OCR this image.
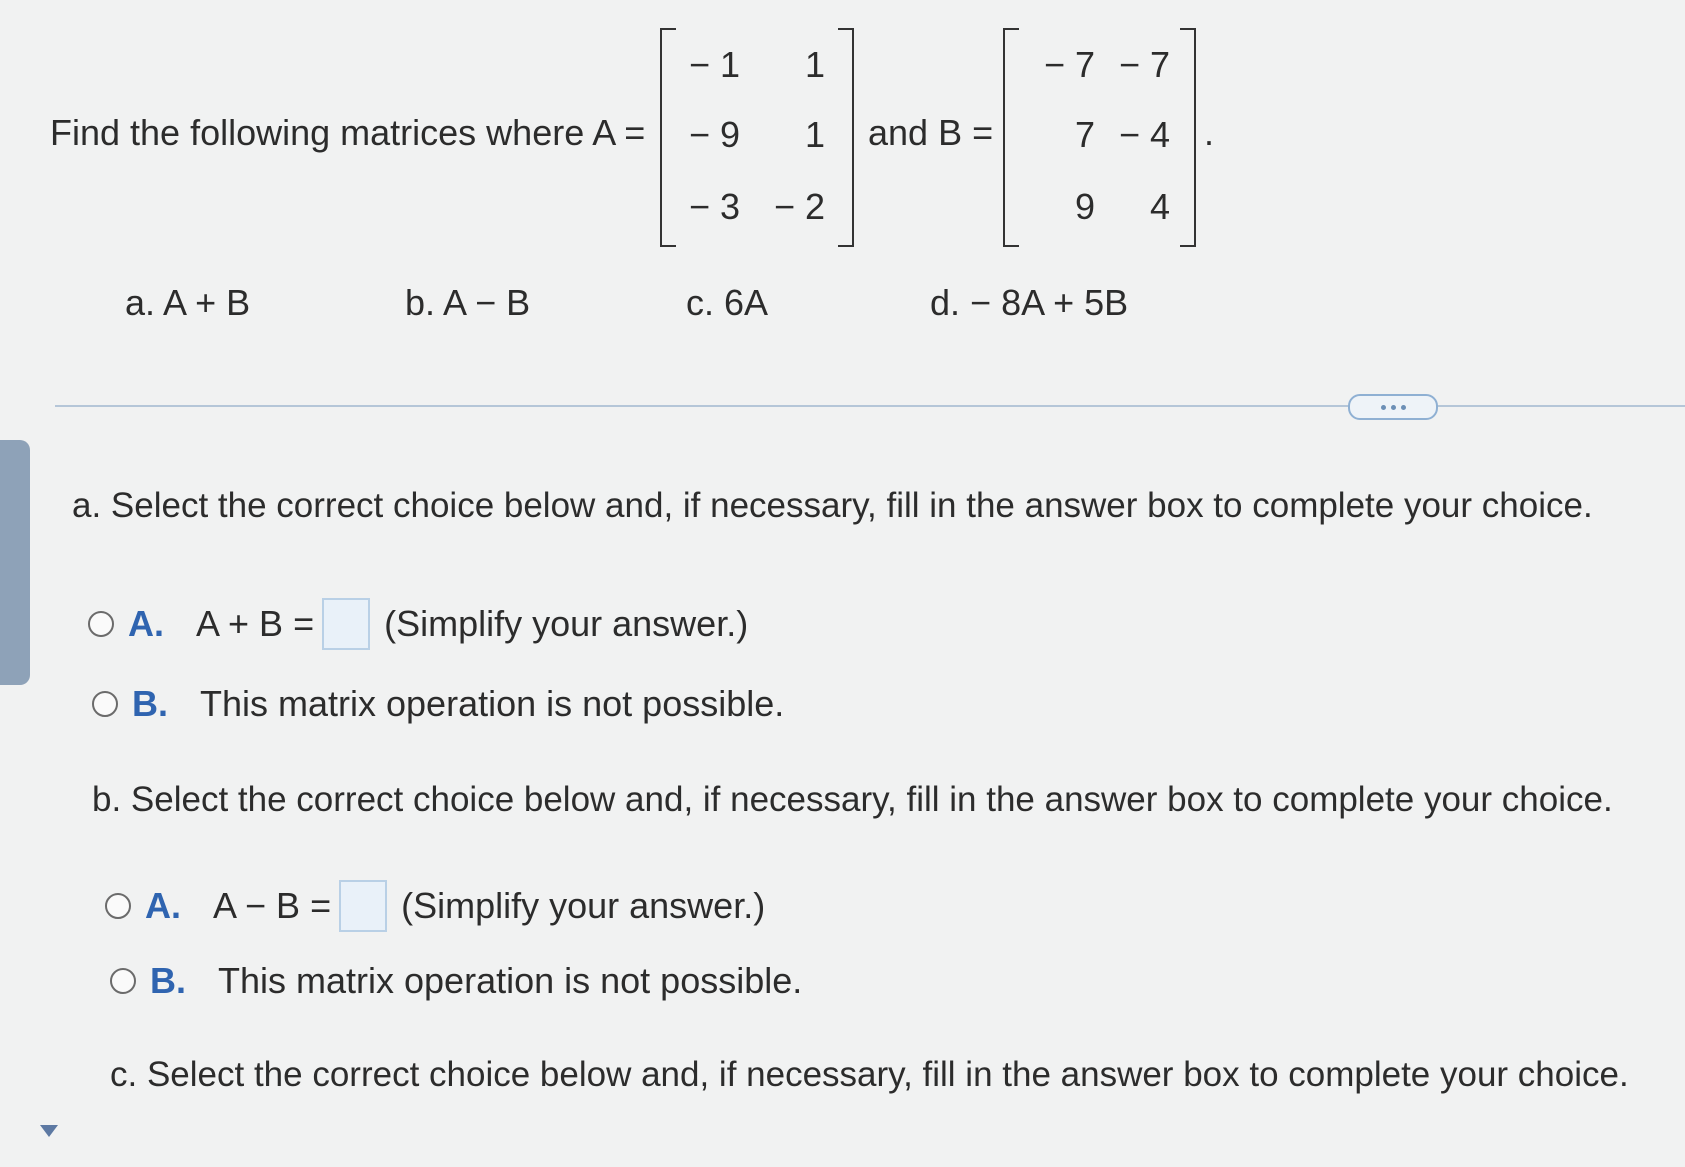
Find the following matrices where A =
− 1	1
− 9	1
− 3 − 2
and B =
− 7 − 7
7 − 4
9	4
.
a. A + B	b. A − B	c. 6A	d. − 8A + 5B
a. Select the correct choice below and, if necessary, fill in the answer box to complete your choice.
A. A + B = (Simplify your answer.)
B. This matrix operation is not possible.
b. Select the correct choice below and, if necessary, fill in the answer box to complete your choice.
A. A − B = (Simplify your answer.)
B. This matrix operation is not possible.
c. Select the correct choice below and, if necessary, fill in the answer box to complete your choice.
